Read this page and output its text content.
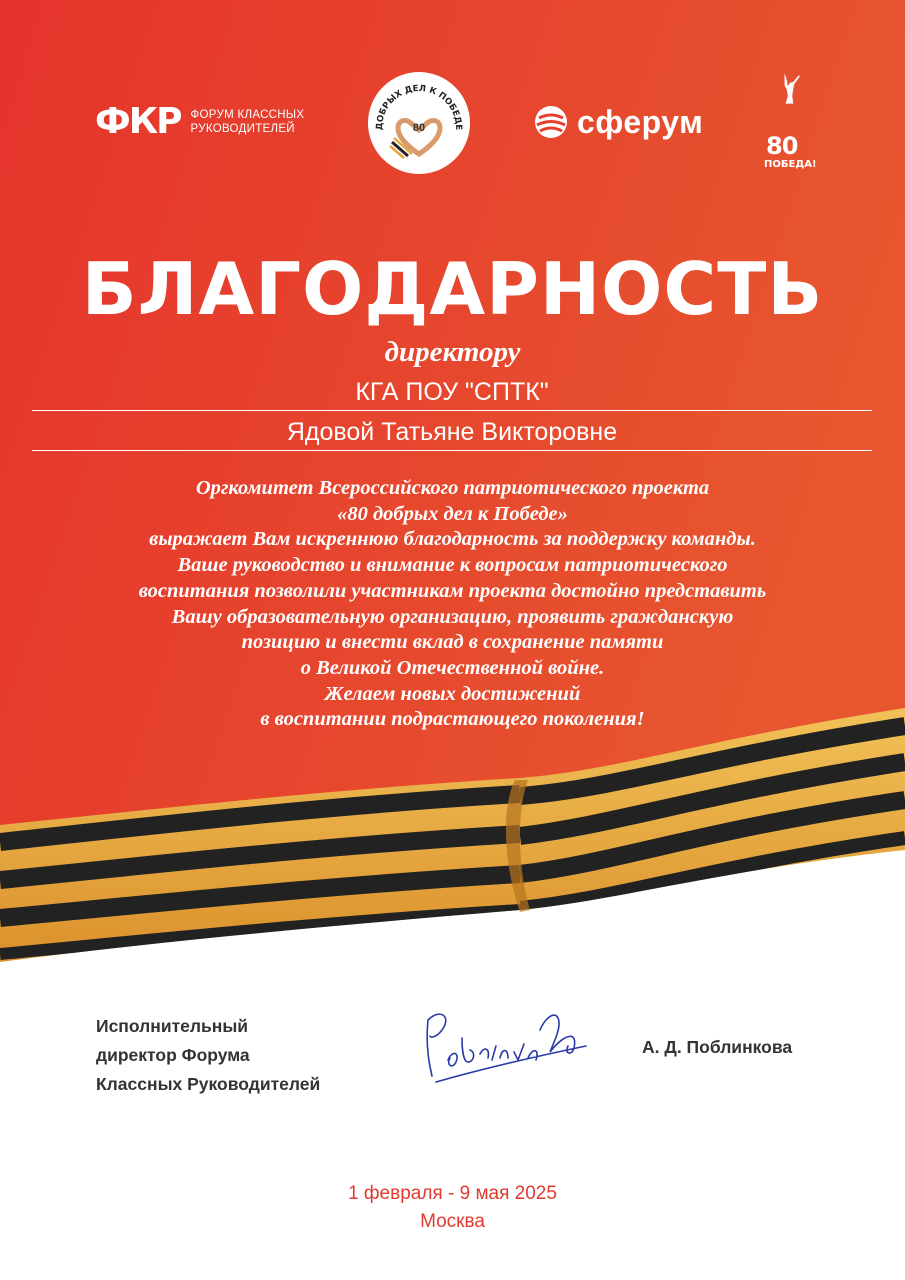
ФКР ФОРУМ КЛАССНЫХ
РУКОВОДИТЕЛЕЙ	ДОБРЫХ ДЕЛ К ПОБЕДЕ
80	сферум
80
ПОБЕДА!
БЛАГОДАРНОСТЬ
директору
КГА ПОУ "СПТК"
Ядовой Татьяне Викторовне
Оргкомитет Всероссийского патриотического проекта
«80 добрых дел к Победе»
выражает Вам искреннюю благодарность за поддержку команды.
Ваше руководство и внимание к вопросам патриотического
воспитания позволили участникам проекта достойно представить
Вашу образовательную организацию, проявить гражданскую
позицию и внести вклад в сохранение памяти
о Великой Отечественной войне.
Желаем новых достижений
в воспитании подрастающего поколения!
Исполнительный
директор Форума
Классных Руководителей
А. Д. Поблинкова
1 февраля - 9 мая 2025
Москва
